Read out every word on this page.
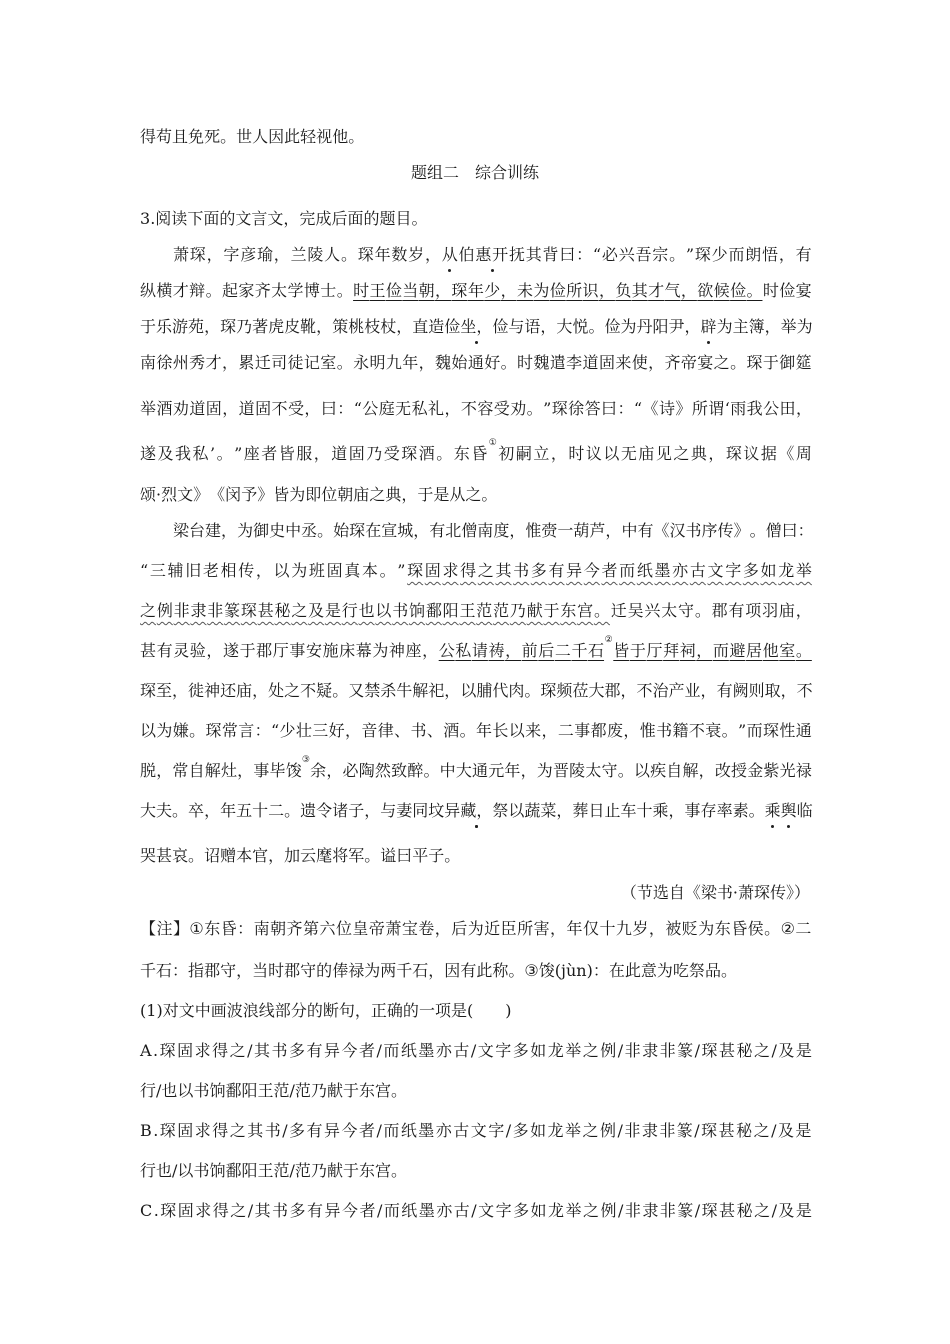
题组二　综合训练
得 苟 且 免 死 。 世 人 因 此 轻 视 他 。
3 . 阅 读 下 面 的 文 言 文 ， 完 成 后 面 的 题 目 。
萧 琛 ， 字 彦 瑜 ， 兰 陵 人 。 琛 年 数 岁 ， 从 伯 惠 开 抚 其 背 曰 ： “ 必 兴 吾 宗 。 ” 琛 少 而 朗 悟 ， 有
纵 横 才 辩 。 起 家 齐 太 学 博 士 。 时 王 俭 当 朝 ， 琛 年 少 ， 未 为 俭 所 识 ， 负 其 才 气 ， 欲 候 俭 。 时 俭 宴
于 乐 游 苑 ， 琛 乃 著 虎 皮 靴 ， 策 桃 枝 杖 ， 直 造 俭 坐 ， 俭 与 语 ， 大 悦 。 俭 为 丹 阳 尹 ， 辟 为 主 簿 ， 举 为
南 徐 州 秀 才 ， 累 迁 司 徒 记 室 。 永 明 九 年 ， 魏 始 通 好 。 时 魏 遣 李 道 固 来 使 ， 齐 帝 宴 之 。 琛 于 御 筵
举 酒 劝 道 固 ， 道 固 不 受 ， 曰 ： “ 公 庭 无 私 礼 ， 不 容 受 劝 。 ” 琛 徐 答 曰 ： “ 《 诗 》 所 谓 ‘ 雨 我 公 田 ，
遂 及 我 私 ’ 。 ” 座 者 皆 服 ， 道 固 乃 受 琛 酒 。 东 昏
①
初 嗣 立 ， 时 议 以 无 庙 见 之 典 ， 琛 议 据 《 周
颂 · 烈 文 》 《 闵 予 》 皆 为 即 位 朝 庙 之 典 ， 于 是 从 之 。
梁 台 建 ， 为 御 史 中 丞 。 始 琛 在 宣 城 ， 有 北 僧 南 度 ， 惟 赍 一 葫 芦 ， 中 有 《 汉 书 序 传 》 。 僧 曰 ：
“ 三 辅 旧 老 相 传 ， 以 为 班 固 真 本 。 ” 琛 固 求 得 之 其 书 多 有 异 今 者 而 纸 墨 亦 古 文 字 多 如 龙 举
之 例 非 隶 非 篆 琛 甚 秘 之 及 是 行 也 以 书 饷 鄱 阳 王 范 范 乃 献 于 东 宫 。 迁 吴 兴 太 守 。 郡 有 项 羽 庙 ，
甚 有 灵 验 ， 遂 于 郡 厅 事 安 施 床 幕 为 神 座 ， 公 私 请 祷 ， 前 后 二 千 石
②
皆 于 厅 拜 祠 ， 而 避 居 他 室 。
琛 至 ， 徙 神 还 庙 ， 处 之 不 疑 。 又 禁 杀 牛 解 祀 ， 以 脯 代 肉 。 琛 频 莅 大 郡 ， 不 治 产 业 ， 有 阙 则 取 ， 不
以 为 嫌 。 琛 常 言 ： “ 少 壮 三 好 ， 音 律 、 书 、 酒 。 年 长 以 来 ， 二 事 都 废 ， 惟 书 籍 不 衰 。 ” 而 琛 性 通
脱 ， 常 自 解 灶 ， 事 毕 馂
③
余 ， 必 陶 然 致 醉 。 中 大 通 元 年 ， 为 晋 陵 太 守 。 以 疾 自 解 ， 改 授 金 紫 光 禄
大 夫 。 卒 ， 年 五 十 二 。 遗 令 诸 子 ， 与 妻 同 坟 异 藏 ， 祭 以 蔬 菜 ， 葬 日 止 车 十 乘 ， 事 存 率 素 。 乘 舆 临
哭 甚 哀 。 诏 赠 本 官 ， 加 云 麾 将 军 。 谥 曰 平 子 。
【 注 】 ① 东 昏 ： 南 朝 齐 第 六 位 皇 帝 萧 宝 卷 ， 后 为 近 臣 所 害 ， 年 仅 十 九 岁 ， 被 贬 为 东 昏 侯 。 ② 二
千 石 ： 指 郡 守 ， 当 时 郡 守 的 俸 禄 为 两 千 石 ， 因 有 此 称 。 ③ 馂 ( j ù n ) ： 在 此 意 为 吃 祭 品 。
( 1 ) 对 文 中 画 波 浪 线 部 分 的 断 句 ， 正 确 的 一 项 是 (

　 )
A . 琛 固 求 得 之 / 其 书 多 有 异 今 者 / 而 纸 墨 亦 古 / 文 字 多 如 龙 举 之 例 / 非 隶 非 篆 / 琛 甚 秘 之 / 及 是
行 / 也 以 书 饷 鄱 阳 王 范 / 范 乃 献 于 东 宫 。
B . 琛 固 求 得 之 其 书 / 多 有 异 今 者 / 而 纸 墨 亦 古 文 字 / 多 如 龙 举 之 例 / 非 隶 非 篆 / 琛 甚 秘 之 / 及 是
行 也 / 以 书 饷 鄱 阳 王 范 / 范 乃 献 于 东 宫 。
C . 琛 固 求 得 之 / 其 书 多 有 异 今 者 / 而 纸 墨 亦 古 / 文 字 多 如 龙 举 之 例 / 非 隶 非 篆 / 琛 甚 秘 之 / 及 是
（节选自《梁书·萧琛传》）
